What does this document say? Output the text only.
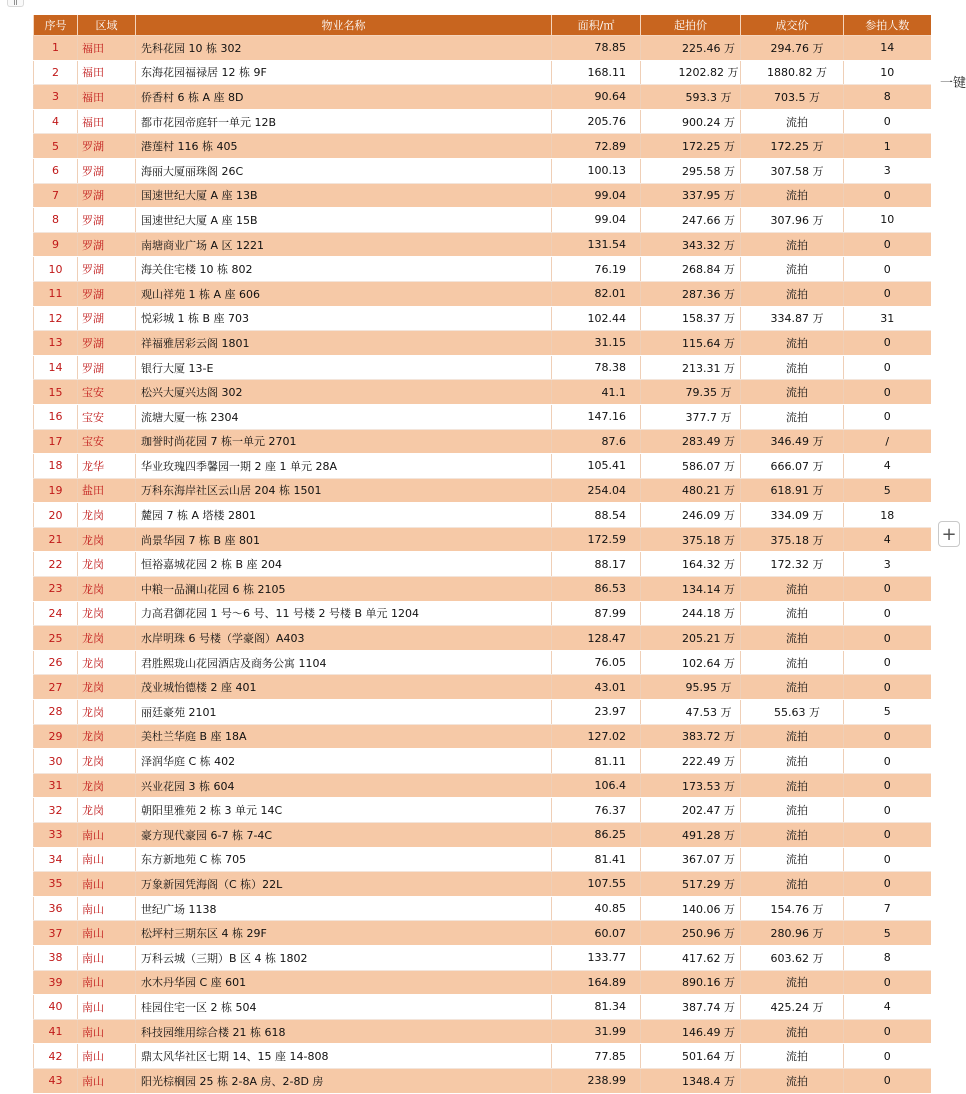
II
一键
+
序号	区域	物业名称	面积/㎡	起拍价	成交价	参拍人数
1	福田	先科花园 10 栋 302	78.85	225.46 万	294.76 万	14
2	福田	东海花园福禄居 12 栋 9F	168.11	1202.82 万	1880.82 万	10
3	福田	侨香村 6 栋 A 座 8D	90.64	593.3 万	703.5 万	8
4	福田	都市花园帝庭轩一单元 12B	205.76	900.24 万	流拍	0
5	罗湖	港莲村 116 栋 405	72.89	172.25 万	172.25 万	1
6	罗湖	海丽大厦丽珠阁 26C	100.13	295.58 万	307.58 万	3
7	罗湖	国速世纪大厦 A 座 13B	99.04	337.95 万	流拍	0
8	罗湖	国速世纪大厦 A 座 15B	99.04	247.66 万	307.96 万	10
9	罗湖	南塘商业广场 A 区 1221	131.54	343.32 万	流拍	0
10	罗湖	海关住宅楼 10 栋 802	76.19	268.84 万	流拍	0
11	罗湖	观山祥苑 1 栋 A 座 606	82.01	287.36 万	流拍	0
12	罗湖	悦彩城 1 栋 B 座 703	102.44	158.37 万	334.87 万	31
13	罗湖	祥福雅居彩云阁 1801	31.15	115.64 万	流拍	0
14	罗湖	银行大厦 13-E	78.38	213.31 万	流拍	0
15	宝安	松兴大厦兴达阁 302	41.1	79.35 万	流拍	0
16	宝安	流塘大厦一栋 2304	147.16	377.7 万	流拍	0
17	宝安	珈誉时尚花园 7 栋一单元 2701	87.6	283.49 万	346.49 万	/
18	龙华	华业玫瑰四季馨园一期 2 座 1 单元 28A	105.41	586.07 万	666.07 万	4
19	盐田	万科东海岸社区云山居 204 栋 1501	254.04	480.21 万	618.91 万	5
20	龙岗	麓园 7 栋 A 塔楼 2801	88.54	246.09 万	334.09 万	18
21	龙岗	尚景华园 7 栋 B 座 801	172.59	375.18 万	375.18 万	4
22	龙岗	恒裕嘉城花园 2 栋 B 座 204	88.17	164.32 万	172.32 万	3
23	龙岗	中粮一品澜山花园 6 栋 2105	86.53	134.14 万	流拍	0
24	龙岗	力高君御花园 1 号～6 号、11 号楼 2 号楼 B 单元 1204	87.99	244.18 万	流拍	0
25	龙岗	水岸明珠 6 号楼（学豪阁）A403	128.47	205.21 万	流拍	0
26	龙岗	君胜熙珑山花园酒店及商务公寓 1104	76.05	102.64 万	流拍	0
27	龙岗	茂业城怡德楼 2 座 401	43.01	95.95 万	流拍	0
28	龙岗	丽廷豪苑 2101	23.97	47.53 万	55.63 万	5
29	龙岗	美杜兰华庭 B 座 18A	127.02	383.72 万	流拍	0
30	龙岗	泽润华庭 C 栋 402	81.11	222.49 万	流拍	0
31	龙岗	兴业花园 3 栋 604	106.4	173.53 万	流拍	0
32	龙岗	朝阳里雅苑 2 栋 3 单元 14C	76.37	202.47 万	流拍	0
33	南山	豪方现代豪园 6-7 栋 7-4C	86.25	491.28 万	流拍	0
34	南山	东方新地苑 C 栋 705	81.41	367.07 万	流拍	0
35	南山	万象新园凭海阁（C 栋）22L	107.55	517.29 万	流拍	0
36	南山	世纪广场 1138	40.85	140.06 万	154.76 万	7
37	南山	松坪村三期东区 4 栋 29F	60.07	250.96 万	280.96 万	5
38	南山	万科云城（三期）B 区 4 栋 1802	133.77	417.62 万	603.62 万	8
39	南山	水木丹华园 C 座 601	164.89	890.16 万	流拍	0
40	南山	桂园住宅一区 2 栋 504	81.34	387.74 万	425.24 万	4
41	南山	科技园维用综合楼 21 栋 618	31.99	146.49 万	流拍	0
42	南山	鼎太风华社区七期 14、15 座 14-808	77.85	501.64 万	流拍	0
43	南山	阳光棕榈园 25 栋 2-8A 房、2-8D 房	238.99	1348.4 万	流拍	0
